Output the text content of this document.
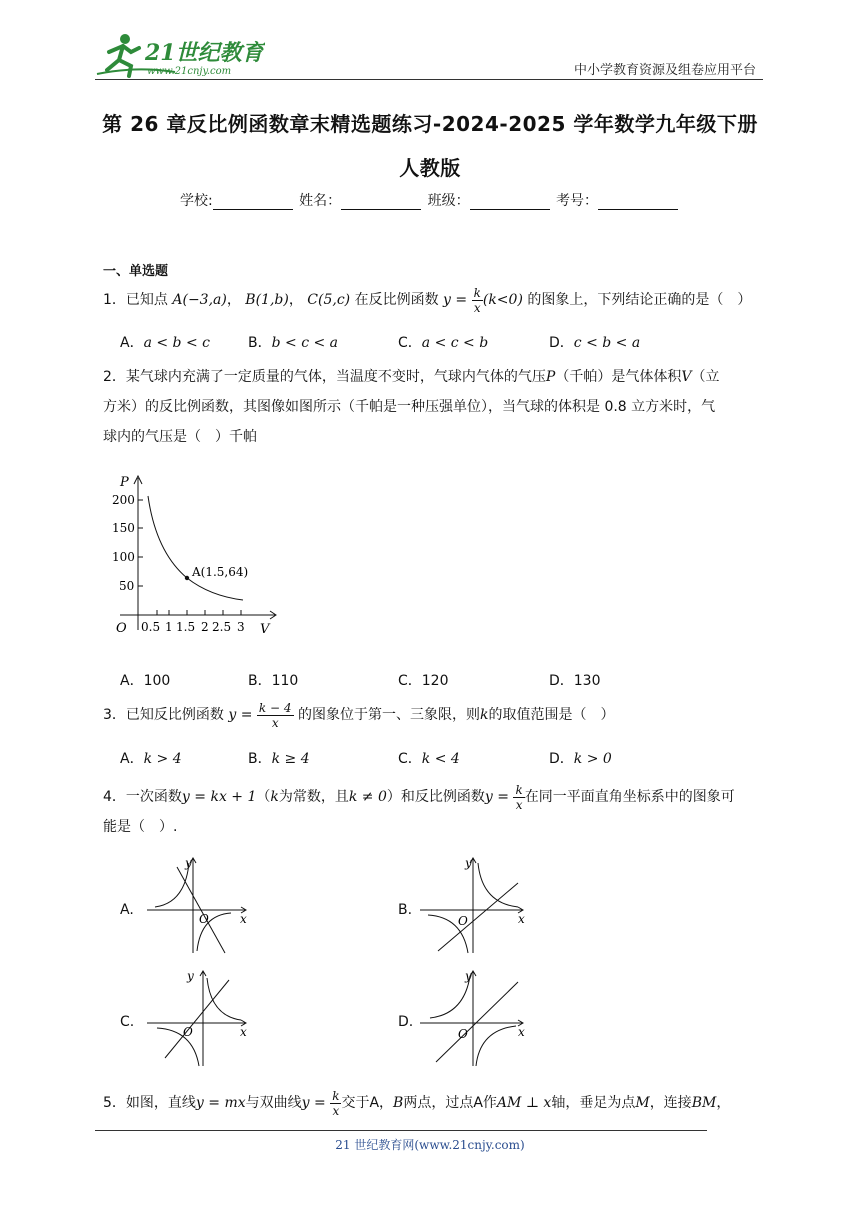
21世纪教育
www.21cnjy.com	中小学教育资源及组卷应用平台
第 26 章反比例函数章末精选题练习-2024-2025 学年数学九年级下册
人教版
学校:	姓名：	班级：	考号：
一、单选题
1．已知点 A(−3,a)， B(1,b)， C(5,c) 在反比例函数 $y = \frac{k}{x} (k<0)$ 的图象上，下列结论正确的是（　）
A．a < b < c	B．b < c < a	C．a < c < b	D．c < b < a
2．某气球内充满了一定质量的气体，当温度不变时，气球内气体的气压P（千帕）是气体体积V（立
方米）的反比例函数，其图像如图所示（千帕是一种压强单位），当气球的体积是 0.8 立方米时，气
球内的气压是（　）千帕
P
V
O
200
150
100
50
0.5 1 1.5 2 2.5 3
A(1.5,64)
A．100	B．110	C．120	D．130
3．已知反比例函数 $y = \frac{k - 4}{x}$ 的图象位于第一、三象限，则k的取值范围是（　）
A．k > 4	B．k ≥ 4	C．k < 4	D．k > 0
4．一次函数y = kx + 1（k为常数，且k ≠ 0）和反比例函数$y = \frac{k}{x}$ 在同一平面直角坐标系中的图象可
能是（　）.
A.
y
x
O
B.
y
x
O
C.
y
x
O
D.
y
x
O
5．如图，直线y = mx与双曲线$y = \frac{k}{x}$ 交于A，B两点，过点A作AM ⊥ x轴，垂足为点M，连接BM，
21 世纪教育网(www.21cnjy.com)
